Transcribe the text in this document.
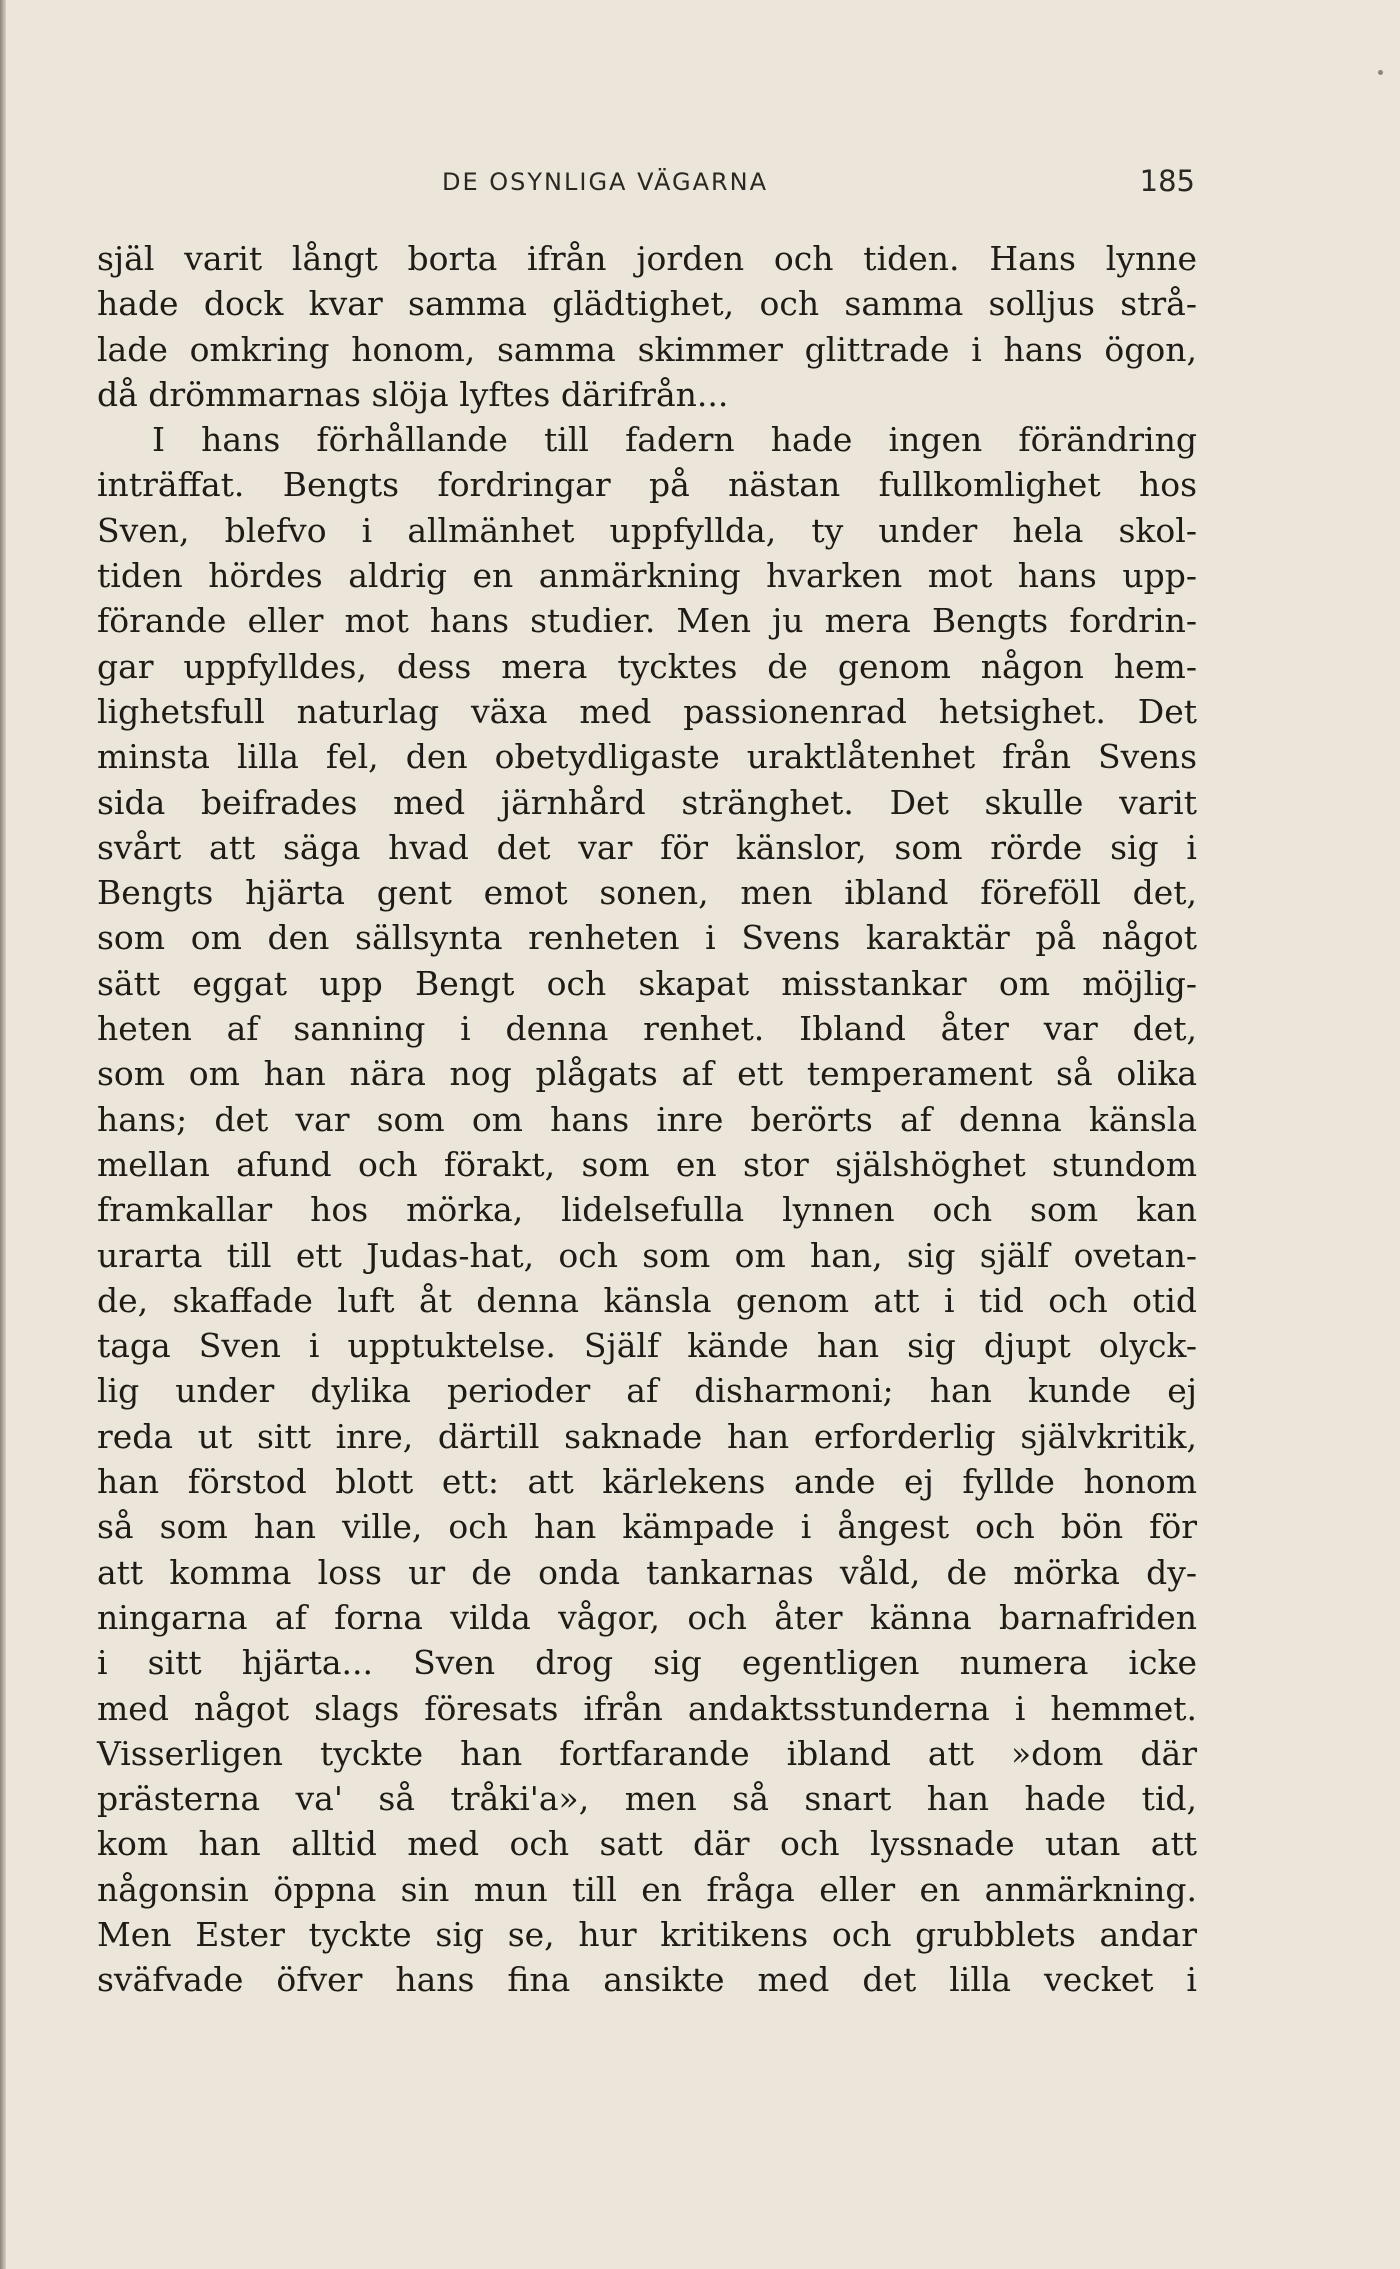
DE OSYNLIGA VÄGARNA	185
själ varit långt borta ifrån jorden och tiden. Hans lynne
hade dock kvar samma glädtighet, och samma solljus strå-
lade omkring honom, samma skimmer glittrade i hans ögon,
då drömmarnas slöja lyftes därifrån...
I hans förhållande till fadern hade ingen förändring
inträffat. Bengts fordringar på nästan fullkomlighet hos
Sven, blefvo i allmänhet uppfyllda, ty under hela skol-
tiden hördes aldrig en anmärkning hvarken mot hans upp-
förande eller mot hans studier. Men ju mera Bengts fordrin-
gar uppfylldes, dess mera tycktes de genom någon hem-
lighetsfull naturlag växa med passionenrad hetsighet. Det
minsta lilla fel, den obetydligaste uraktlåtenhet från Svens
sida beifrades med järnhård stränghet. Det skulle varit
svårt att säga hvad det var för känslor, som rörde sig i
Bengts hjärta gent emot sonen, men ibland föreföll det,
som om den sällsynta renheten i Svens karaktär på något
sätt eggat upp Bengt och skapat misstankar om möjlig-
heten af sanning i denna renhet. Ibland åter var det,
som om han nära nog plågats af ett temperament så olika
hans; det var som om hans inre berörts af denna känsla
mellan afund och förakt, som en stor själshöghet stundom
framkallar hos mörka, lidelsefulla lynnen och som kan
urarta till ett Judas-hat, och som om han, sig själf ovetan-
de, skaffade luft åt denna känsla genom att i tid och otid
taga Sven i upptuktelse. Själf kände han sig djupt olyck-
lig under dylika perioder af disharmoni; han kunde ej
reda ut sitt inre, därtill saknade han erforderlig självkritik,
han förstod blott ett: att kärlekens ande ej fyllde honom
så som han ville, och han kämpade i ångest och bön för
att komma loss ur de onda tankarnas våld, de mörka dy-
ningarna af forna vilda vågor, och åter känna barnafriden
i sitt hjärta... Sven drog sig egentligen numera icke
med något slags föresats ifrån andaktsstunderna i hemmet.
Visserligen tyckte han fortfarande ibland att »dom där
prästerna va' så tråki'a», men så snart han hade tid,
kom han alltid med och satt där och lyssnade utan att
någonsin öppna sin mun till en fråga eller en anmärkning.
Men Ester tyckte sig se, hur kritikens och grubblets andar
sväfvade öfver hans fina ansikte med det lilla vecket i
